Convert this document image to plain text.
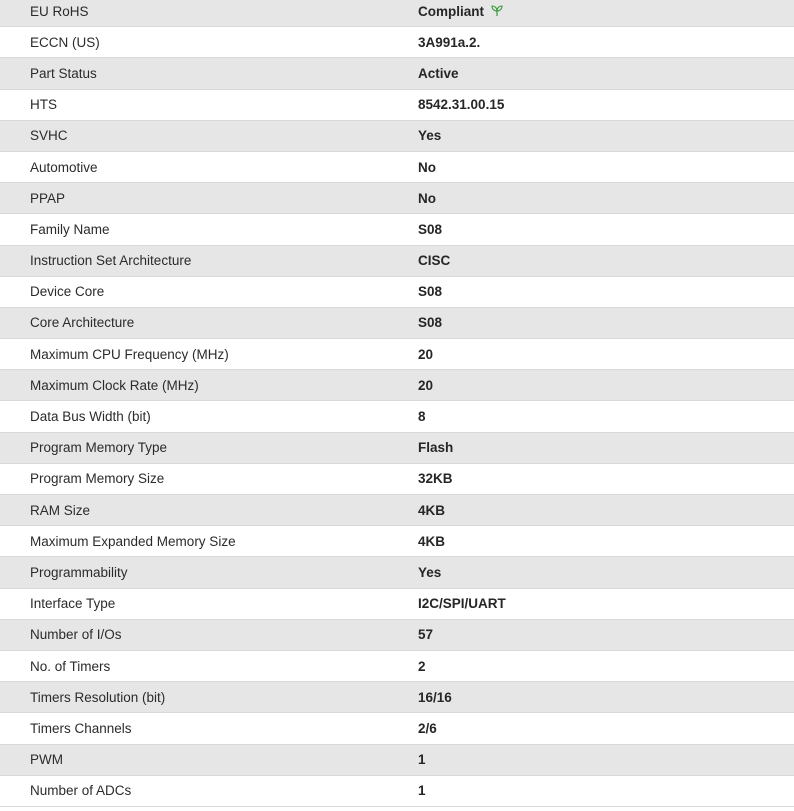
EU RoHS	Compliant
ECCN (US)	3A991a.2.
Part Status	Active
HTS	8542.31.00.15
SVHC	Yes
Automotive	No
PPAP	No
Family Name	S08
Instruction Set Architecture	CISC
Device Core	S08
Core Architecture	S08
Maximum CPU Frequency (MHz)	20
Maximum Clock Rate (MHz)	20
Data Bus Width (bit)	8
Program Memory Type	Flash
Program Memory Size	32KB
RAM Size	4KB
Maximum Expanded Memory Size	4KB
Programmability	Yes
Interface Type	I2C/SPI/UART
Number of I/Os	57
No. of Timers	2
Timers Resolution (bit)	16/16
Timers Channels	2/6
PWM	1
Number of ADCs	1
